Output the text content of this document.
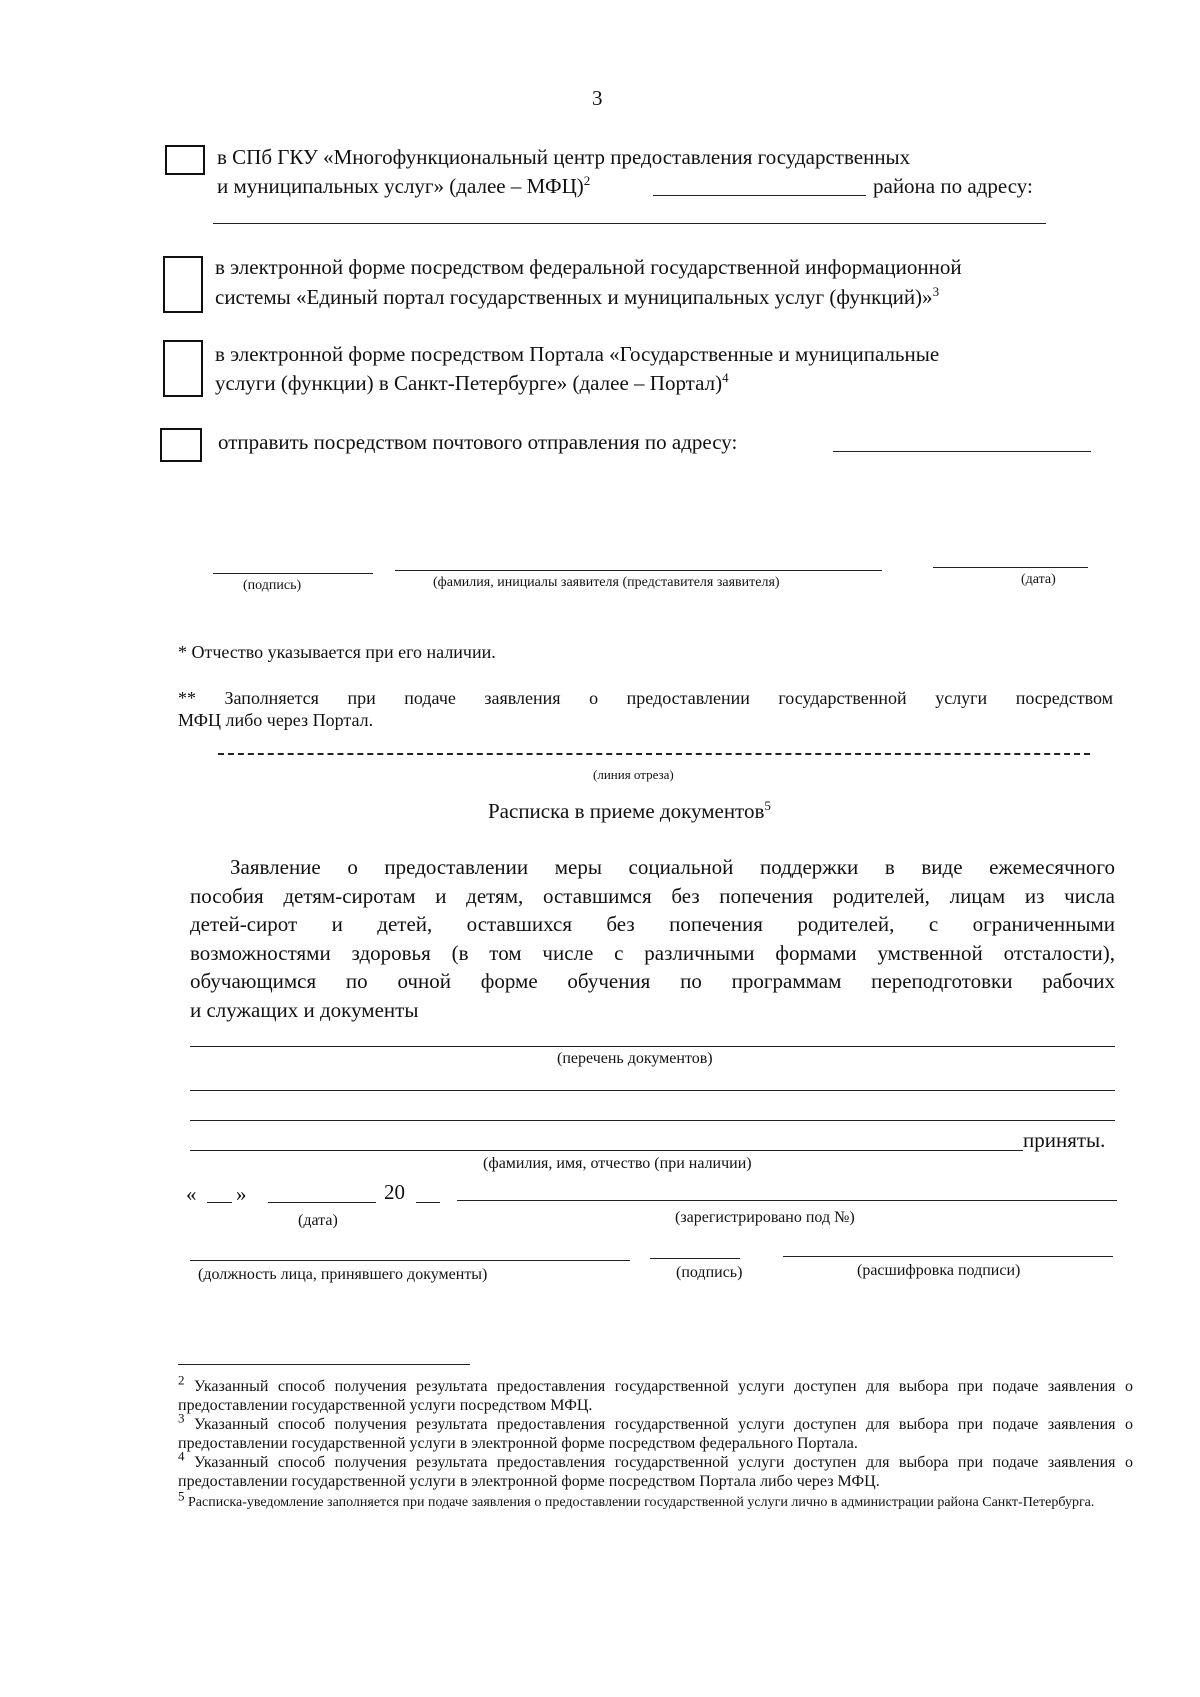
3
в СПб ГКУ «Многофункциональный центр предоставления государственных
и муниципальных услуг» (далее – МФЦ)$^2$	района по адресу:
в электронной форме посредством федеральной государственной информационной
системы «Единый портал государственных и муниципальных услуг (функций)»$^3$
в электронной форме посредством Портала «Государственные и муниципальные
услуги (функции) в Санкт-Петербурге» (далее – Портал)$^4$
отправить посредством почтового отправления по адресу:
(подпись)	(фамилия, инициалы заявителя (представителя заявителя)	(дата)
* Отчество указывается при его наличии.
** Заполняется при подаче заявления о предоставлении государственной услуги посредством
МФЦ либо через Портал.
(линия отреза)
Расписка в приеме документов$^5$
Заявление о предоставлении меры социальной поддержки в виде ежемесячного
пособия детям-сиротам и детям, оставшимся без попечения родителей, лицам из числа
детей-сирот и детей, оставшихся без попечения родителей, с ограниченными
возможностями здоровья (в том числе с различными формами умственной отсталости),
обучающимся по очной форме обучения по программам переподготовки рабочих
и служащих и документы
(перечень документов)
приняты.
(фамилия, имя, отчество (при наличии)
« »	20
(дата)	(зарегистрировано под №)
(должность лица, принявшего документы)	(подпись)	(расшифровка подписи)
$^2$ Указанный способ получения результата предоставления государственной услуги доступен для выбора при подаче заявления о предоставлении государственной услуги посредством МФЦ.
$^3$ Указанный способ получения результата предоставления государственной услуги доступен для выбора при подаче заявления о предоставлении государственной услуги в электронной форме посредством федерального Портала.
$^4$ Указанный способ получения результата предоставления государственной услуги доступен для выбора при подаче заявления о предоставлении государственной услуги в электронной форме посредством Портала либо через МФЦ.
$^5$ Расписка-уведомление заполняется при подаче заявления о предоставлении государственной услуги лично в администрации района Санкт-Петербурга.
